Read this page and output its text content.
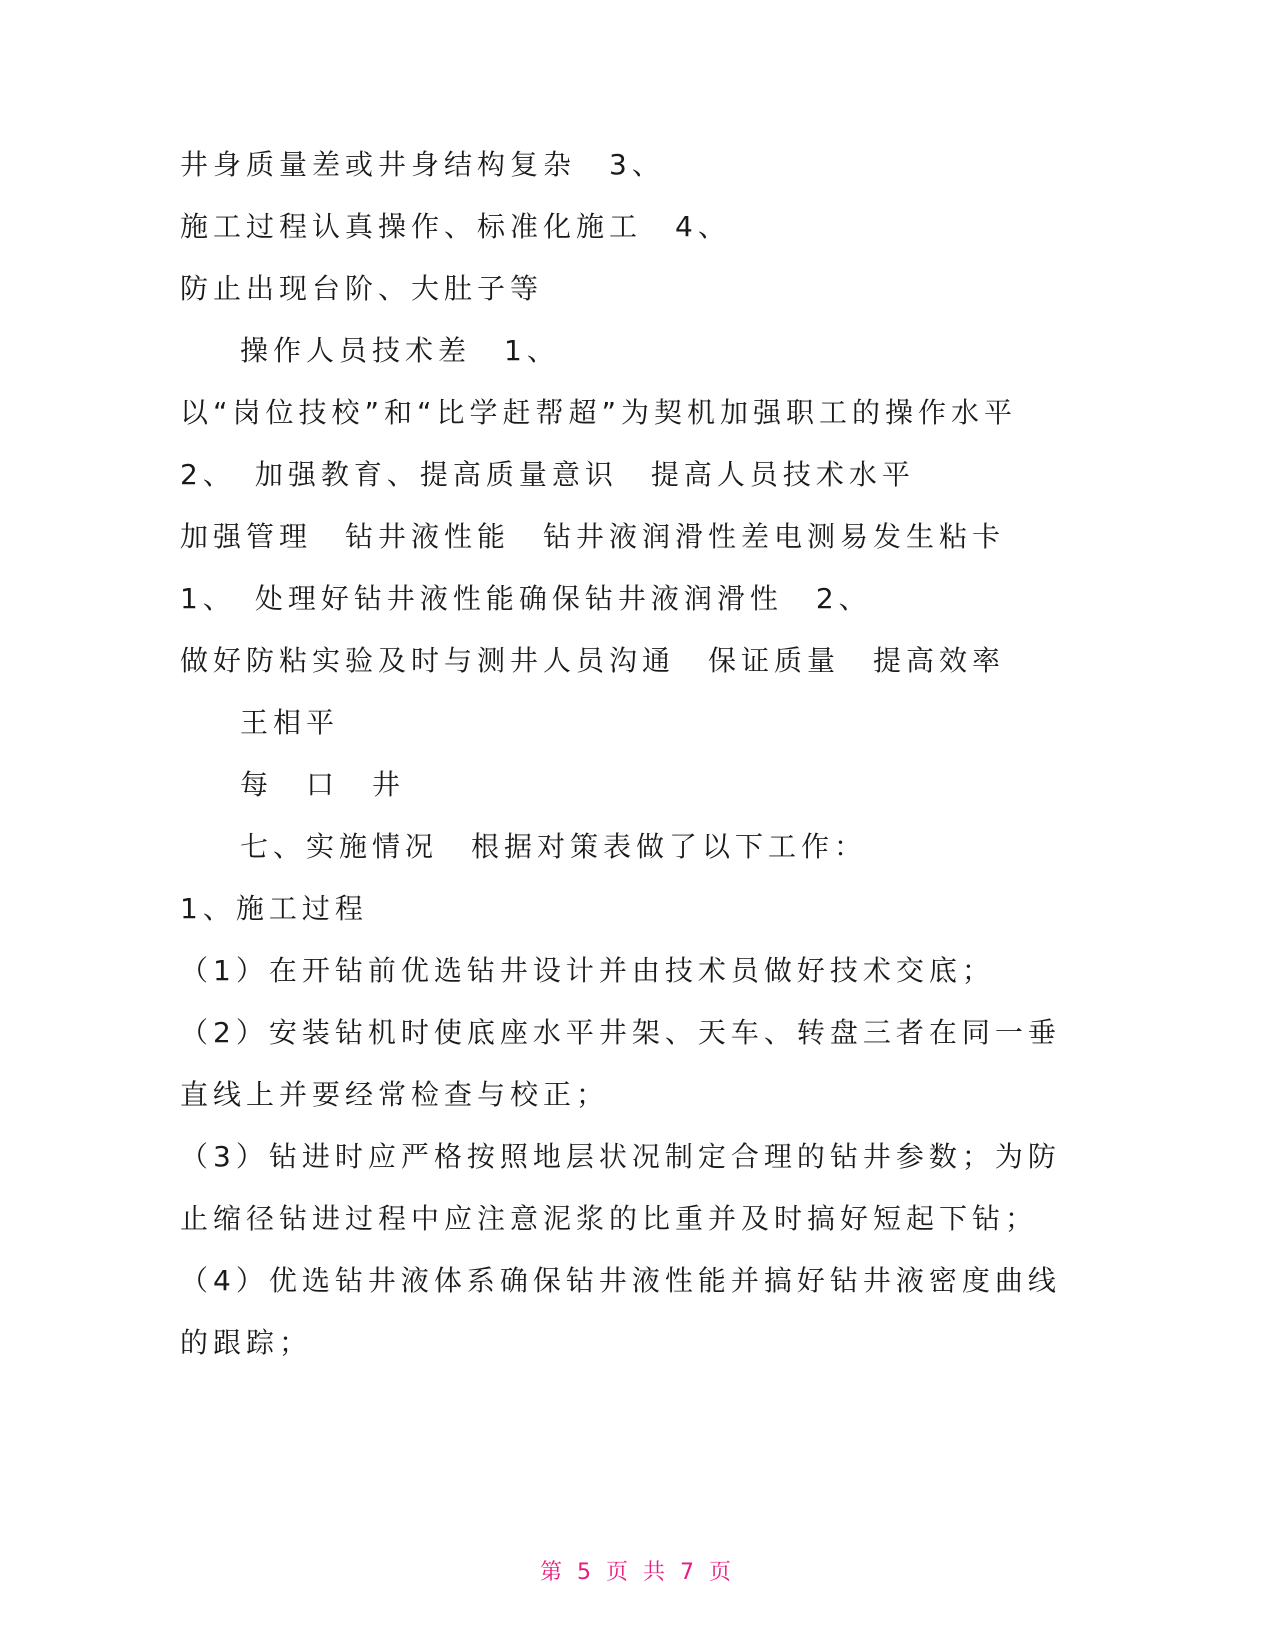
井身质量差或井身结构复杂　3、
施工过程认真操作、标准化施工　4、
防止出现台阶、大肚子等
操作人员技术差　1、
以“岗位技校”和“比学赶帮超”为契机加强职工的操作水平
2、　加强教育、提高质量意识　提高人员技术水平
加强管理　钻井液性能　钻井液润滑性差电测易发生粘卡
1、　处理好钻井液性能确保钻井液润滑性　2、
做好防粘实验及时与测井人员沟通　保证质量　提高效率
王相平
每　口　井
七、实施情况　根据对策表做了以下工作：
1、施工过程
（1）在开钻前优选钻井设计并由技术员做好技术交底；
（2）安装钻机时使底座水平井架、天车、转盘三者在同一垂
直线上并要经常检查与校正；
（3）钻进时应严格按照地层状况制定合理的钻井参数；为防
止缩径钻进过程中应注意泥浆的比重并及时搞好短起下钻；
（4）优选钻井液体系确保钻井液性能并搞好钻井液密度曲线
的跟踪；
第 5 页 共 7 页
